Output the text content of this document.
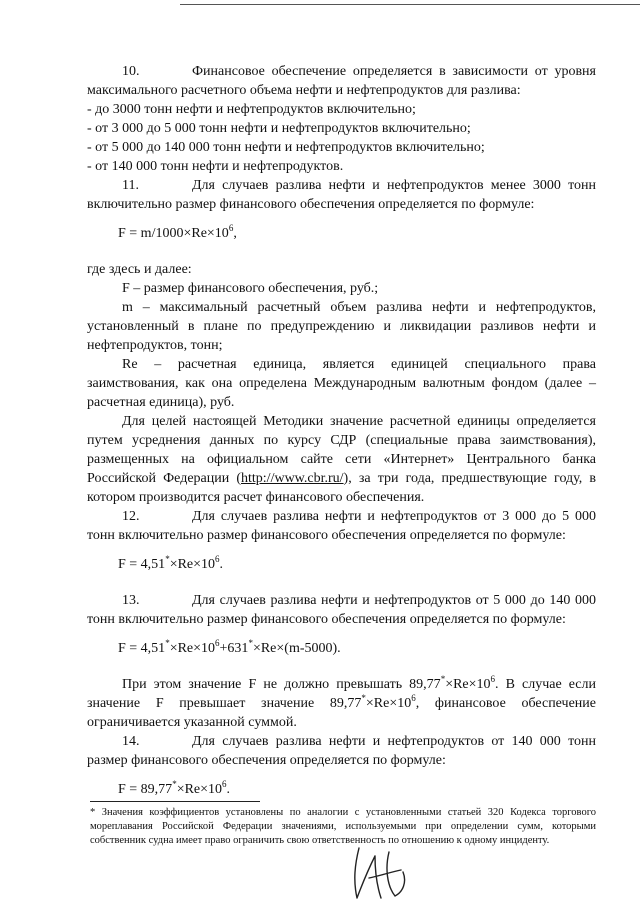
10.	Финансовое обеспечение определяется в зависимости от уровня максимального расчетного объема нефти и нефтепродуктов для разлива:

- до 3000 тонн нефти и нефтепродуктов включительно;

- от 3 000 до 5 000 тонн нефти и нефтепродуктов включительно;

- от 5 000 до 140 000 тонн нефти и нефтепродуктов включительно;

- от 140 000 тонн нефти и нефтепродуктов.

11.	Для случаев разлива нефти и нефтепродуктов менее 3000 тонн включительно размер финансового обеспечения определяется по формуле:

$F = m/1000\times Re\times 10^6$,

где здесь и далее:

F – размер финансового обеспечения, руб.;

m – максимальный расчетный объем разлива нефти и нефтепродуктов, установленный в плане по предупреждению и ликвидации разливов нефти и нефтепродуктов, тонн;

Re – расчетная единица, является единицей специального права заимствования, как она определена Международным валютным фондом (далее – расчетная единица), руб.

Для целей настоящей Методики значение расчетной единицы определяется путем усреднения данных по курсу СДР (специальные права заимствования), размещенных на официальном сайте сети «Интернет» Центрального банка Российской Федерации (http://www.cbr.ru/), за три года, предшествующие году, в котором производится расчет финансового обеспечения.

12.	Для случаев разлива нефти и нефтепродуктов от 3 000 до 5 000 тонн включительно размер финансового обеспечения определяется по формуле:

$F = 4,51^*\times Re\times 10^6$.

13.	Для случаев разлива нефти и нефтепродуктов от 5 000 до 140 000 тонн включительно размер финансового обеспечения определяется по формуле:

$F = 4,51^*\times Re\times 10^6+631^*\times Re\times(m-5000)$.

При этом значение F не должно превышать $89,77^*\times Re\times 10^6$. В случае если значение F превышает значение $89,77^*\times Re\times 10^6$, финансовое обеспечение ограничивается указанной суммой.

14.	Для случаев разлива нефти и нефтепродуктов от 140 000 тонн размер финансового обеспечения определяется по формуле:

$F = 89,77^*\times Re\times 10^6$.

* Значения коэффициентов установлены по аналогии с установленными статьей 320 Кодекса торгового мореплавания Российской Федерации значениями, используемыми при определении сумм, которыми собственник судна имеет право ограничить свою ответственность по отношению к одному инциденту.
